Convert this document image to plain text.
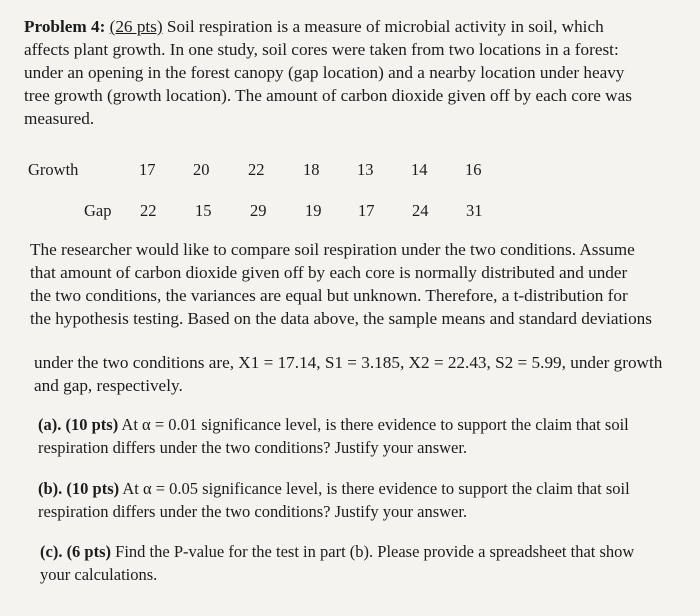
Problem 4: (26 pts) Soil respiration is a measure of microbial activity in soil, which
affects plant growth. In one study, soil cores were taken from two locations in a forest:
under an opening in the forest canopy (gap location) and a nearby location under heavy
tree growth (growth location). The amount of carbon dioxide given off by each core was
measured.
Growth	17 20 22 18 13 14 16
Gap 22 15 29 19 17 24 31
The researcher would like to compare soil respiration under the two conditions. Assume
that amount of carbon dioxide given off by each core is normally distributed and under
the two conditions, the variances are equal but unknown. Therefore, a t-distribution for
the hypothesis testing. Based on the data above, the sample means and standard deviations
under the two conditions are, X1 = 17.14, S1 = 3.185, X2 = 22.43, S2 = 5.99, under growth
and gap, respectively.
(a). (10 pts) At α = 0.01 significance level, is there evidence to support the claim that soil
respiration differs under the two conditions? Justify your answer.
(b). (10 pts) At α = 0.05 significance level, is there evidence to support the claim that soil
respiration differs under the two conditions? Justify your answer.
(c). (6 pts) Find the P-value for the test in part (b). Please provide a spreadsheet that show
your calculations.
